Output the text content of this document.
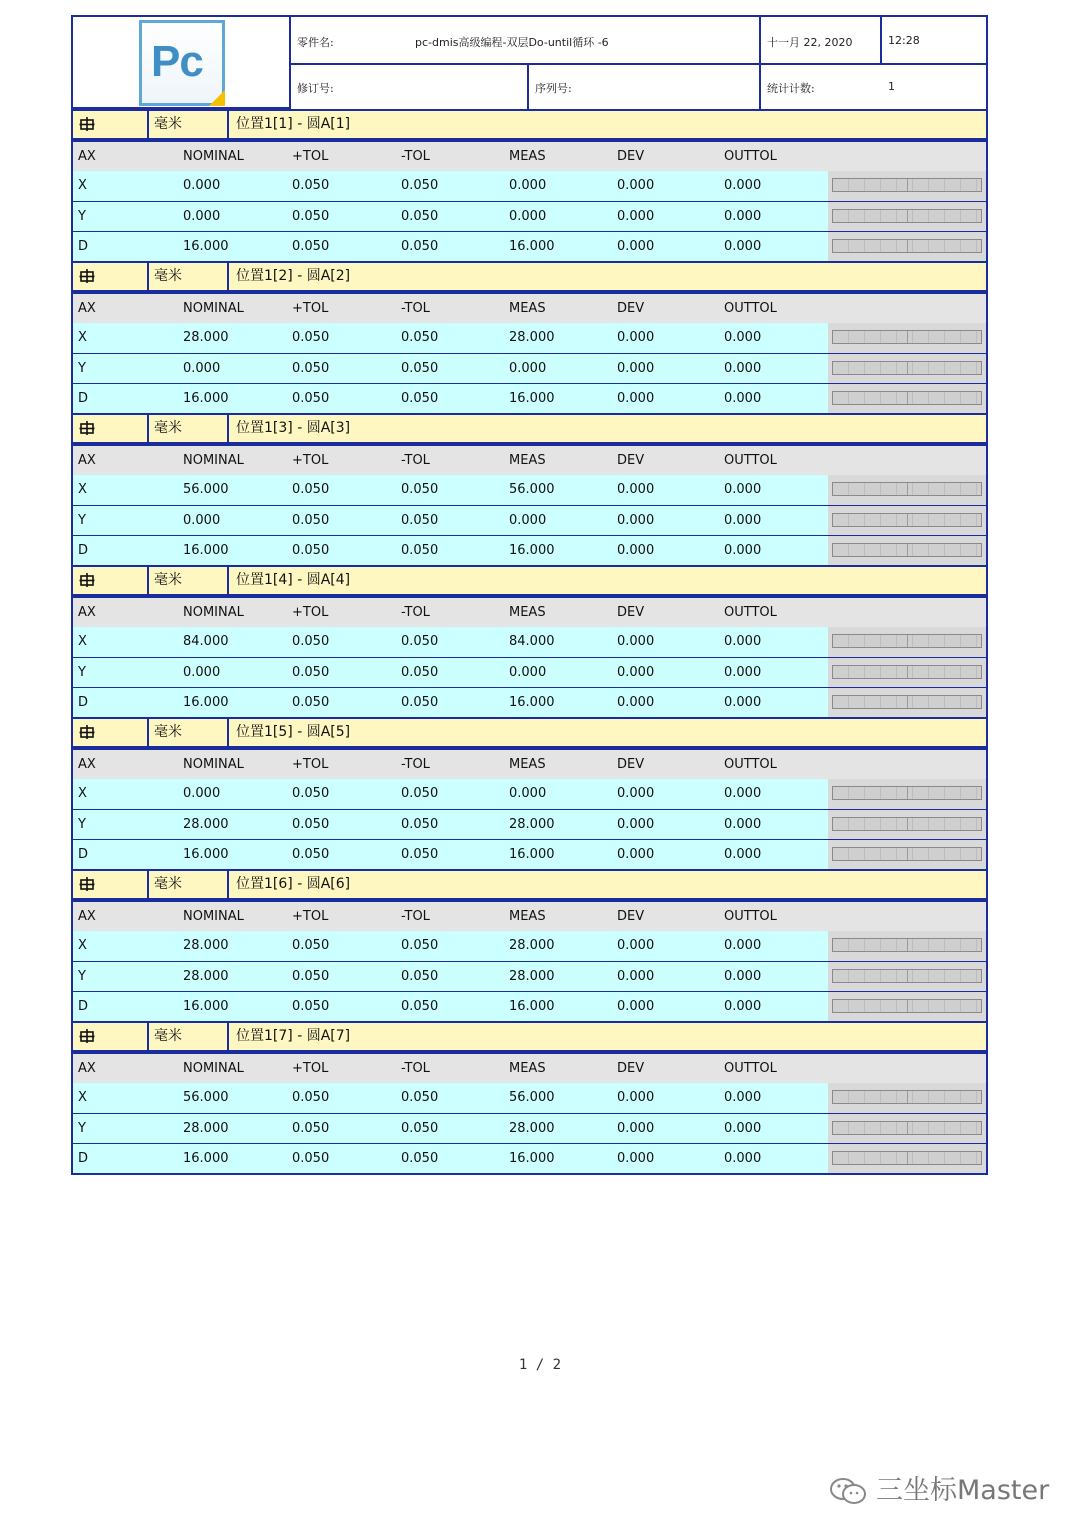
Pc	零件名:	pc-dmis高级编程-双层Do-until循环 -6	十一月 22, 2020	12:28
修订号:	序列号:	统计计数:	1
毫米	位置1[1] - 圆A[1]
AX	NOMINAL	+TOL	-TOL	MEAS	DEV	OUTTOL
X	0.000	0.050	0.050	0.000	0.000	0.000
Y	0.000	0.050	0.050	0.000	0.000	0.000
D	16.000	0.050	0.050	16.000	0.000	0.000
毫米	位置1[2] - 圆A[2]
AX	NOMINAL	+TOL	-TOL	MEAS	DEV	OUTTOL
X	28.000	0.050	0.050	28.000	0.000	0.000
Y	0.000	0.050	0.050	0.000	0.000	0.000
D	16.000	0.050	0.050	16.000	0.000	0.000
毫米	位置1[3] - 圆A[3]
AX	NOMINAL	+TOL	-TOL	MEAS	DEV	OUTTOL
X	56.000	0.050	0.050	56.000	0.000	0.000
Y	0.000	0.050	0.050	0.000	0.000	0.000
D	16.000	0.050	0.050	16.000	0.000	0.000
毫米	位置1[4] - 圆A[4]
AX	NOMINAL	+TOL	-TOL	MEAS	DEV	OUTTOL
X	84.000	0.050	0.050	84.000	0.000	0.000
Y	0.000	0.050	0.050	0.000	0.000	0.000
D	16.000	0.050	0.050	16.000	0.000	0.000
毫米	位置1[5] - 圆A[5]
AX	NOMINAL	+TOL	-TOL	MEAS	DEV	OUTTOL
X	0.000	0.050	0.050	0.000	0.000	0.000
Y	28.000	0.050	0.050	28.000	0.000	0.000
D	16.000	0.050	0.050	16.000	0.000	0.000
毫米	位置1[6] - 圆A[6]
AX	NOMINAL	+TOL	-TOL	MEAS	DEV	OUTTOL
X	28.000	0.050	0.050	28.000	0.000	0.000
Y	28.000	0.050	0.050	28.000	0.000	0.000
D	16.000	0.050	0.050	16.000	0.000	0.000
毫米	位置1[7] - 圆A[7]
AX	NOMINAL	+TOL	-TOL	MEAS	DEV	OUTTOL
X	56.000	0.050	0.050	56.000	0.000	0.000
Y	28.000	0.050	0.050	28.000	0.000	0.000
D	16.000	0.050	0.050	16.000	0.000	0.000
1 / 2
三坐标Master
